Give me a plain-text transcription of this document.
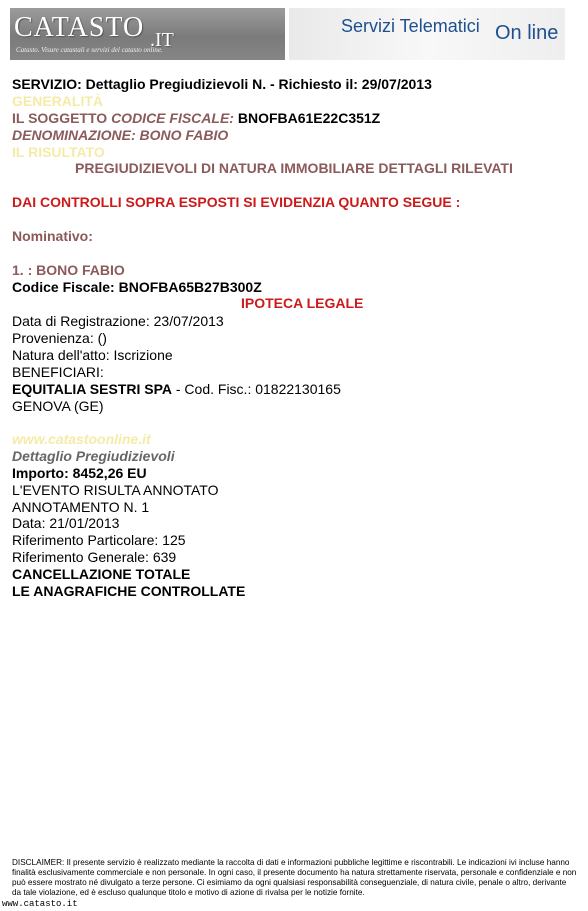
CATASTO .IT
Catasto. Visure catastali e servizi del catasto online.
Servizi Telematici On line
SERVIZIO: Dettaglio Pregiudizievoli N. - Richiesto il: 29/07/2013
GENERALITÀ
IL SOGGETTO CODICE FISCALE: BNOFBA61E22C351Z
DENOMINAZIONE: BONO FABIO
IL RISULTATO
PREGIUDIZIEVOLI DI NATURA IMMOBILIARE DETTAGLI RILEVATI
DAI CONTROLLI SOPRA ESPOSTI SI EVIDENZIA QUANTO SEGUE :
Nominativo:
1. : BONO FABIO
Codice Fiscale: BNOFBA65B27B300Z
IPOTECA LEGALE
Data di Registrazione: 23/07/2013
Provenienza: ()
Natura dell'atto: Iscrizione
BENEFICIARI:
EQUITALIA SESTRI SPA - Cod. Fisc.: 01822130165
GENOVA (GE)
www.catastoonline.it
Dettaglio Pregiudizievoli
Importo: 8452,26 EU
L'EVENTO RISULTA ANNOTATO
ANNOTAMENTO N. 1
Data: 21/01/2013
Riferimento Particolare: 125
Riferimento Generale: 639
CANCELLAZIONE TOTALE
LE ANAGRAFICHE CONTROLLATE
DISCLAIMER: Il presente servizio è realizzato mediante la raccolta di dati e informazioni pubbliche legittime e riscontrabili. Le indicazioni ivi incluse hanno finalità esclusivamente commerciale e non personale. In ogni caso, il presente documento ha natura strettamente riservata, personale e confidenziale e non può essere mostrato né divulgato a terze persone. Ci esimiamo da ogni qualsiasi responsabilità conseguenziale, di natura civile, penale o altro, derivante da tale violazione, ed è escluso qualunque titolo e motivo di azione di rivalsa per le notizie fornite.
www.catasto.it
